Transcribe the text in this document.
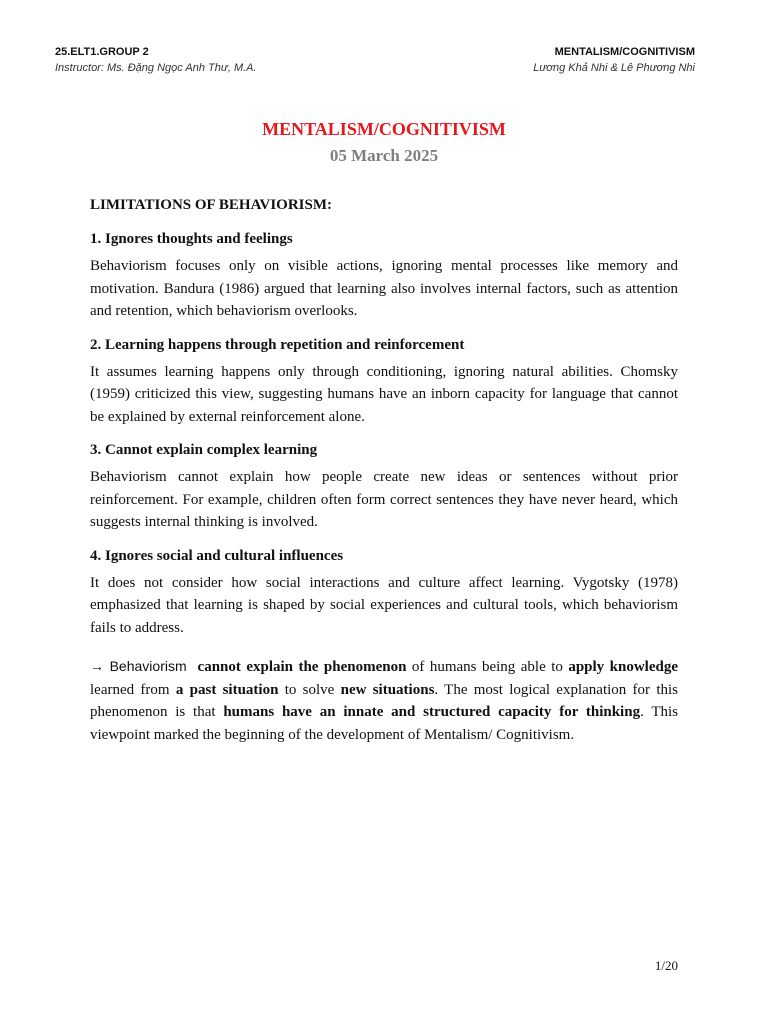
25.ELT1.GROUP 2	MENTALISM/COGNITIVISM
Instructor: Ms. Đặng Ngọc Anh Thư, M.A.	Lương Khả Nhi & Lê Phương Nhi
MENTALISM/COGNITIVISM
05 March 2025
LIMITATIONS OF BEHAVIORISM:
1. Ignores thoughts and feelings

Behaviorism focuses only on visible actions, ignoring mental processes like memory and motivation. Bandura (1986) argued that learning also involves internal factors, such as attention and retention, which behaviorism overlooks.

2. Learning happens through repetition and reinforcement

It assumes learning happens only through conditioning, ignoring natural abilities. Chomsky (1959) criticized this view, suggesting humans have an inborn capacity for language that cannot be explained by external reinforcement alone.

3. Cannot explain complex learning

Behaviorism cannot explain how people create new ideas or sentences without prior reinforcement. For example, children often form correct sentences they have never heard, which suggests internal thinking is involved.

4. Ignores social and cultural influences

It does not consider how social interactions and culture affect learning. Vygotsky (1978) emphasized that learning is shaped by social experiences and cultural tools, which behaviorism fails to address.

→ Behaviorism cannot explain the phenomenon of humans being able to apply knowledge learned from a past situation to solve new situations. The most logical explanation for this phenomenon is that humans have an innate and structured capacity for thinking. This viewpoint marked the beginning of the development of Mentalism/ Cognitivism.

1/20
